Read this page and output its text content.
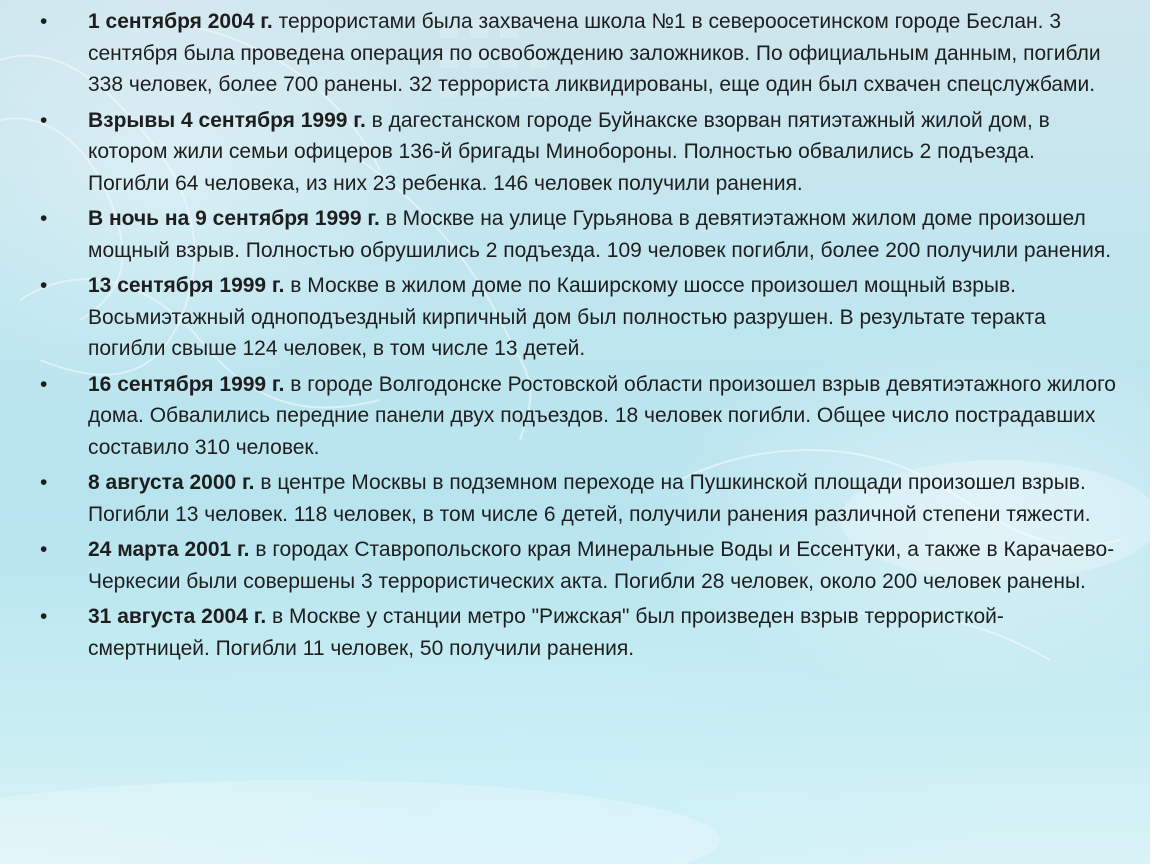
•	1 сентября 2004 г. террористами была захвачена школа №1 в североосетинском городе Беслан. 3 сентября была проведена операция по освобождению заложников. По официальным данным, погибли 338 человек, более 700 ранены. 32 террориста ликвидированы, еще один был схвачен спецслужбами.
•	Взрывы 4 сентября 1999 г. в дагестанском городе Буйнакске взорван пятиэтажный жилой дом, в котором жили семьи офицеров 136-й бригады Минобороны. Полностью обвалились 2 подъезда. Погибли 64 человека, из них 23 ребенка. 146 человек получили ранения.
•	В ночь на 9 сентября 1999 г. в Москве на улице Гурьянова в девятиэтажном жилом доме произошел мощный взрыв. Полностью обрушились 2 подъезда. 109 человек погибли, более 200 получили ранения.
•	13 сентября 1999 г. в Москве в жилом доме по Каширскому шоссе произошел мощный взрыв. Восьмиэтажный одноподъездный кирпичный дом был полностью разрушен. В результате теракта погибли свыше 124 человек, в том числе 13 детей.
•	16 сентября 1999 г. в городе Волгодонске Ростовской области произошел взрыв девятиэтажного жилого дома. Обвалились передние панели двух подъездов. 18 человек погибли. Общее число пострадавших составило 310 человек.
•	8 августа 2000 г. в центре Москвы в подземном переходе на Пушкинской площади произошел взрыв. Погибли 13 человек. 118 человек, в том числе 6 детей, получили ранения различной степени тяжести.
•	24 марта 2001 г. в городах Ставропольского края Минеральные Воды и Ессентуки, а также в Карачаево-Черкесии были совершены 3 террористических акта. Погибли 28 человек, около 200 человек ранены.
•	31 августа 2004 г. в Москве у станции метро "Рижская" был произведен взрыв террористкой-смертницей. Погибли 11 человек, 50 получили ранения.
